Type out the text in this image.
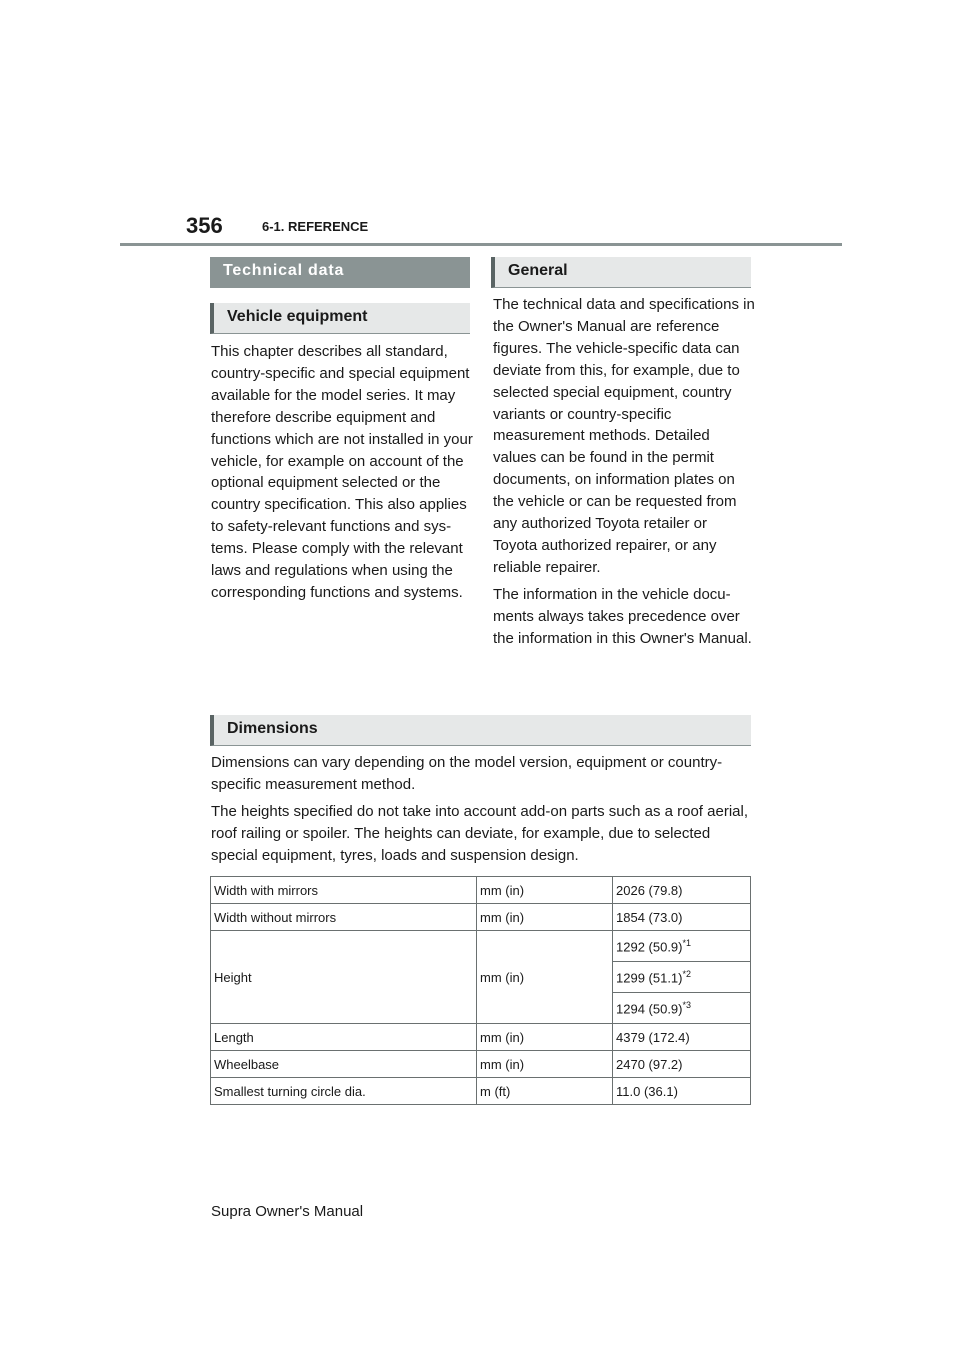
356	6-1. REFERENCE
Technical data
Vehicle equipment

This chapter describes all standard, country-specific and special equipment available for the model series. It may therefore describe equipment and functions which are not installed in your vehicle, for example on account of the optional equipment selected or the country specification. This also applies to safety-relevant functions and systems. Please comply with the relevant laws and regulations when using the corresponding functions and systems.

General

The technical data and specifications in the Owner's Manual are reference figures. The vehicle-specific data can deviate from this, for example, due to selected special equipment, country variants or country-specific measurement methods. Detailed values can be found in the permit documents, on information plates on the vehicle or can be requested from any authorized Toyota retailer or Toyota authorized repairer, or any reliable repairer.

The information in the vehicle documents always takes precedence over the information in this Owner's Manual.

Dimensions

Dimensions can vary depending on the model version, equipment or country-specific measurement method.

The heights specified do not take into account add-on parts such as a roof aerial, roof railing or spoiler. The heights can deviate, for example, due to selected special equipment, tyres, loads and suspension design.

Width with mirrors	mm (in)	2026 (79.8)
Width without mirrors	mm (in)	1854 (73.0)
Height	mm (in)	1292 $(50.9)^{*1}$
		1299 $(51.1)^{*2}$
		1294 $(50.9)^{*3}$
Length	mm (in)	4379 (172.4)
Wheelbase	mm (in)	2470 (97.2)
Smallest turning circle dia.	m (ft)	11.0 (36.1)
Supra Owner's Manual
